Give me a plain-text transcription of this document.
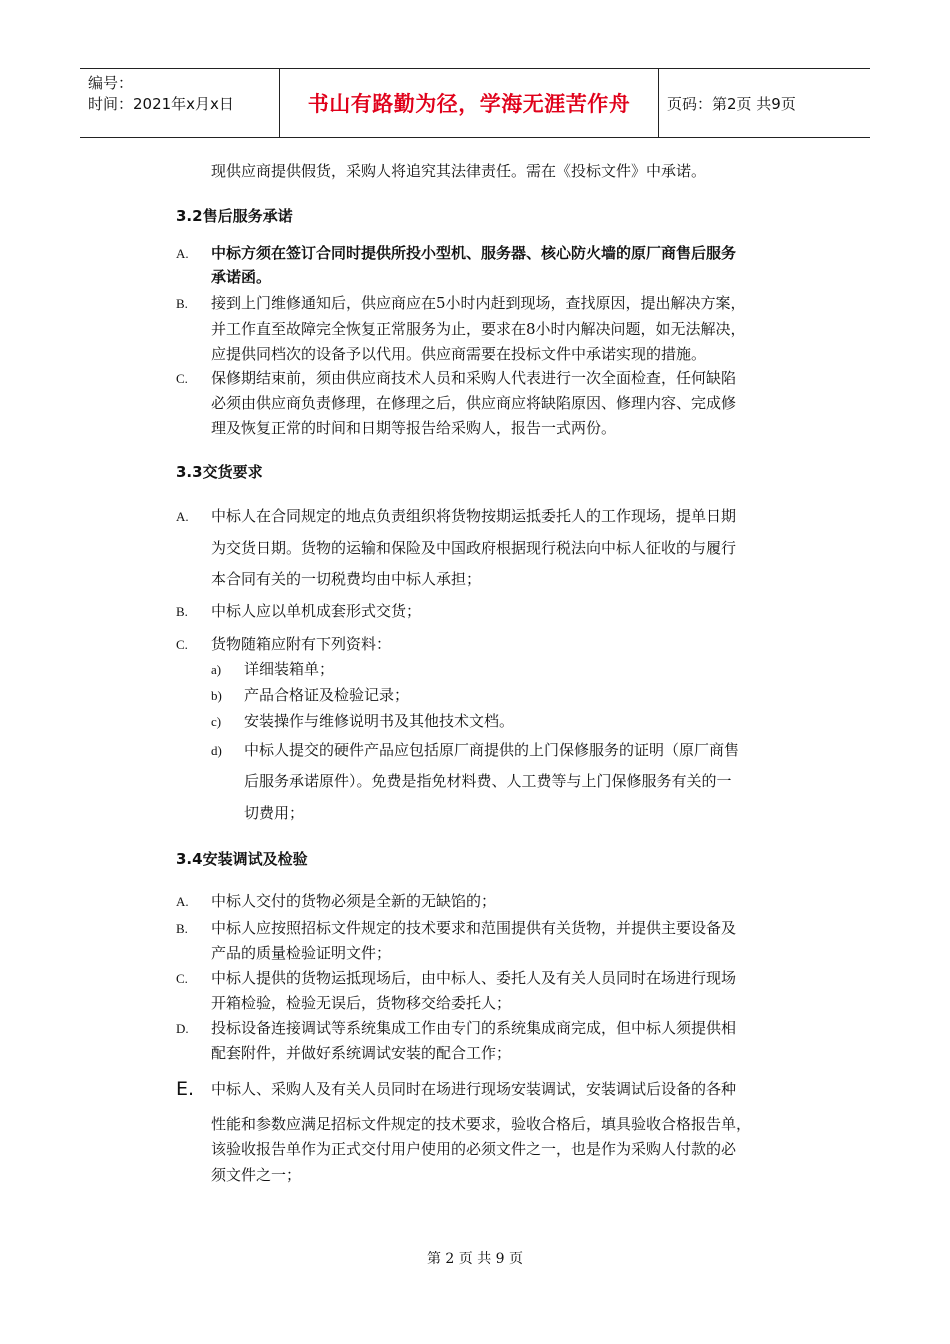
编号：
时间：2021年x月x日	书山有路勤为径，学海无涯苦作舟	页码：第2页 共9页
现供应商提供假货，采购人将追究其法律责任。需在《投标文件》中承诺。
3.2售后服务承诺
A. 中标方须在签订合同时提供所投小型机、服务器、核心防火墙的原厂商售后服务
承诺函。
B. 接到上门维修通知后，供应商应在5小时内赶到现场，查找原因，提出解决方案，
并工作直至故障完全恢复正常服务为止，要求在8小时内解决问题，如无法解决，
应提供同档次的设备予以代用。供应商需要在投标文件中承诺实现的措施。
C. 保修期结束前，须由供应商技术人员和采购人代表进行一次全面检查，任何缺陷
必须由供应商负责修理，在修理之后，供应商应将缺陷原因、修理内容、完成修
理及恢复正常的时间和日期等报告给采购人，报告一式两份。
3.3交货要求
A. 中标人在合同规定的地点负责组织将货物按期运抵委托人的工作现场，提单日期
为交货日期。货物的运输和保险及中国政府根据现行税法向中标人征收的与履行
本合同有关的一切税费均由中标人承担；
B. 中标人应以单机成套形式交货；
C. 货物随箱应附有下列资料：
a) 详细装箱单；
b) 产品合格证及检验记录；
c) 安装操作与维修说明书及其他技术文档。
d) 中标人提交的硬件产品应包括原厂商提供的上门保修服务的证明（原厂商售
后服务承诺原件）。免费是指免材料费、人工费等与上门保修服务有关的一
切费用；
3.4安装调试及检验
A. 中标人交付的货物必须是全新的无缺馅的；
B. 中标人应按照招标文件规定的技术要求和范围提供有关货物，并提供主要设备及
产品的质量检验证明文件；
C. 中标人提供的货物运抵现场后，由中标人、委托人及有关人员同时在场进行现场
开箱检验，检验无误后，货物移交给委托人；
D. 投标设备连接调试等系统集成工作由专门的系统集成商完成，但中标人须提供相
配套附件，并做好系统调试安装的配合工作；
E. 中标人、采购人及有关人员同时在场进行现场安装调试，安装调试后设备的各种
性能和参数应满足招标文件规定的技术要求，验收合格后，填具验收合格报告单，
该验收报告单作为正式交付用户使用的必须文件之一，也是作为采购人付款的必
须文件之一；
第 2 页 共 9 页
